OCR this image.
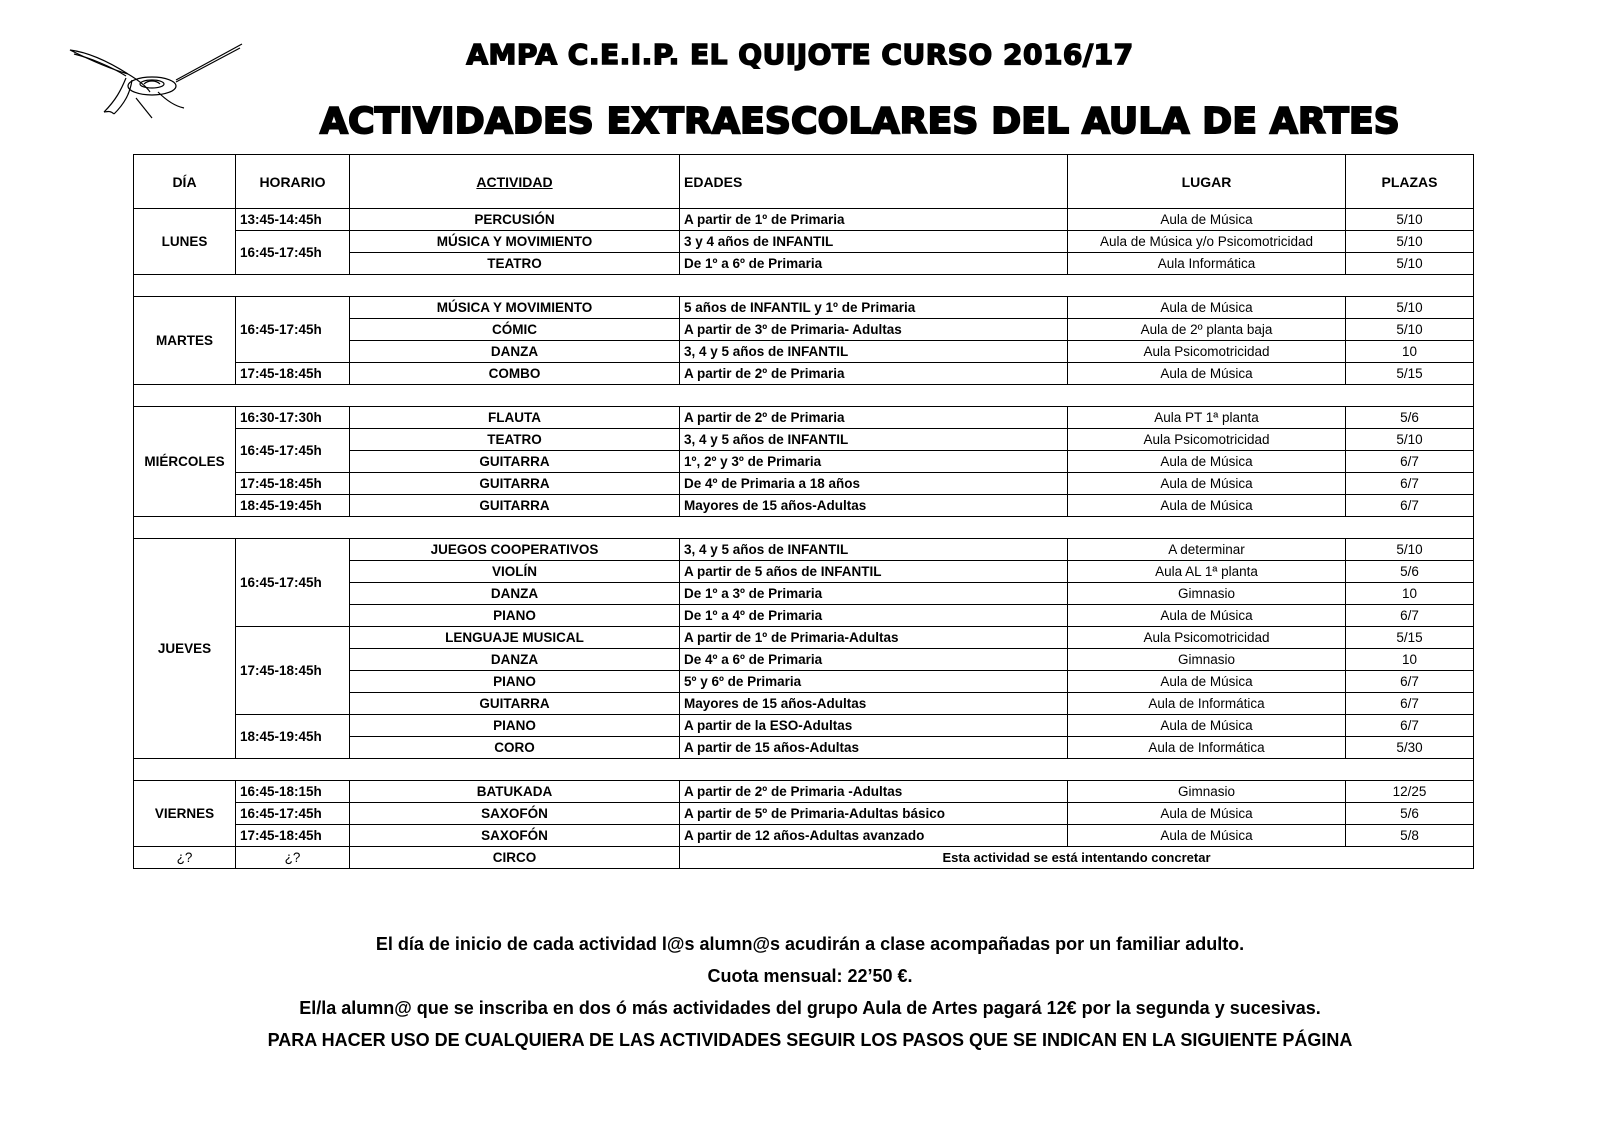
AMPA C.E.I.P. EL QUIJOTE CURSO 2016/17
ACTIVIDADES EXTRAESCOLARES DEL AULA DE ARTES
DÍA	HORARIO	ACTIVIDAD	EDADES	LUGAR	PLAZAS
LUNES	13:45-14:45h	PERCUSIÓN	A partir de 1º de Primaria	Aula de Música	5/10
	16:45-17:45h	MÚSICA Y MOVIMIENTO	3 y 4 años de INFANTIL	Aula de Música y/o Psicomotricidad	5/10
		TEATRO	De 1º a 6º de Primaria	Aula Informática	5/10

MARTES	16:45-17:45h	MÚSICA Y MOVIMIENTO	5 años de INFANTIL y 1º de Primaria	Aula de Música	5/10
		CÓMIC	A partir de 3º de Primaria- Adultas	Aula de 2º planta baja	5/10
		DANZA	3, 4 y 5 años de INFANTIL	Aula Psicomotricidad	10
	17:45-18:45h	COMBO	A partir de 2º de Primaria	Aula de Música	5/15

MIÉRCOLES	16:30-17:30h	FLAUTA	A partir de 2º de Primaria	Aula PT 1ª planta	5/6
	16:45-17:45h	TEATRO	3, 4 y 5 años de INFANTIL	Aula Psicomotricidad	5/10
		GUITARRA	1º, 2º y 3º de Primaria	Aula de Música	6/7
	17:45-18:45h	GUITARRA	De 4º de Primaria a 18 años	Aula de Música	6/7
	18:45-19:45h	GUITARRA	Mayores de 15 años-Adultas	Aula de Música	6/7

JUEVES	16:45-17:45h	JUEGOS COOPERATIVOS	3, 4 y 5 años de INFANTIL	A determinar	5/10
		VIOLÍN	A partir de 5 años de INFANTIL	Aula AL 1ª planta	5/6
		DANZA	De 1º a 3º de Primaria	Gimnasio	10
		PIANO	De 1º a 4º de Primaria	Aula de Música	6/7
	17:45-18:45h	LENGUAJE MUSICAL	A partir de 1º de Primaria-Adultas	Aula Psicomotricidad	5/15
		DANZA	De 4º a 6º de Primaria	Gimnasio	10
		PIANO	5º y 6º de Primaria	Aula de Música	6/7
		GUITARRA	Mayores de 15 años-Adultas	Aula de Informática	6/7
	18:45-19:45h	PIANO	A partir de la ESO-Adultas	Aula de Música	6/7
		CORO	A partir de 15 años-Adultas	Aula de Informática	5/30

VIERNES	16:45-18:15h	BATUKADA	A partir de 2º de Primaria -Adultas	Gimnasio	12/25
	16:45-17:45h	SAXOFÓN	A partir de 5º de Primaria-Adultas básico	Aula de Música	5/6
	17:45-18:45h	SAXOFÓN	A partir de 12 años-Adultas avanzado	Aula de Música	5/8
¿?	¿?	CIRCO	Esta actividad se está intentando concretar		

El día de inicio de cada actividad l@s alumn@s acudirán a clase acompañadas por un familiar adulto.

Cuota mensual: 22’50 €.

El/la alumn@ que se inscriba en dos ó más actividades del grupo Aula de Artes pagará 12€ por la segunda y sucesivas.

PARA HACER USO DE CUALQUIERA DE LAS ACTIVIDADES SEGUIR LOS PASOS QUE SE INDICAN EN LA SIGUIENTE PÁGINA
